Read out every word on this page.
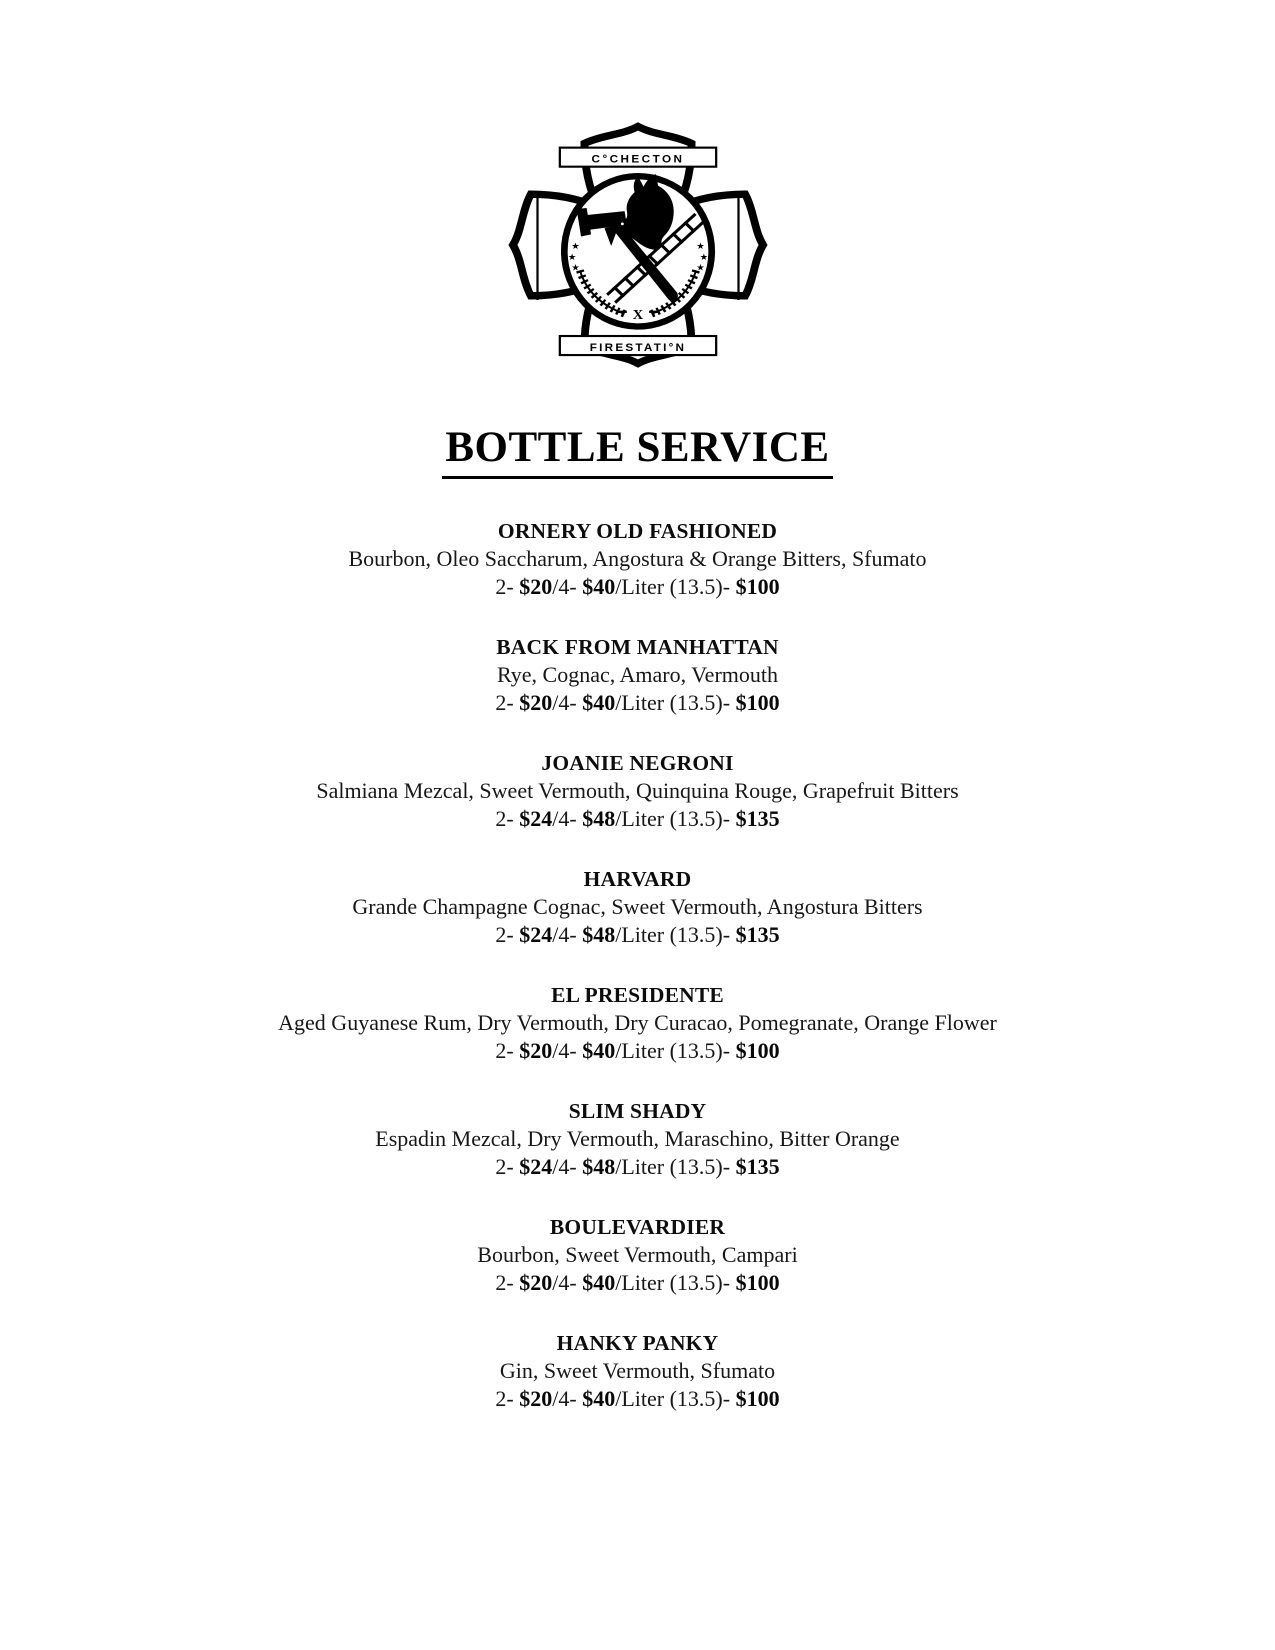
C°CHECTON
FIRESTATI°N
★
★
★
★
★
★
X
BOTTLE SERVICE
ORNERY OLD FASHIONED
Bourbon, Oleo Saccharum, Angostura & Orange Bitters, Sfumato
2- $20/4- $40/Liter (13.5)- $100
BACK FROM MANHATTAN
Rye, Cognac, Amaro, Vermouth
2- $20/4- $40/Liter (13.5)- $100
JOANIE NEGRONI
Salmiana Mezcal, Sweet Vermouth, Quinquina Rouge, Grapefruit Bitters
2- $24/4- $48/Liter (13.5)- $135
HARVARD
Grande Champagne Cognac, Sweet Vermouth, Angostura Bitters
2- $24/4- $48/Liter (13.5)- $135
EL PRESIDENTE
Aged Guyanese Rum, Dry Vermouth, Dry Curacao, Pomegranate, Orange Flower
2- $20/4- $40/Liter (13.5)- $100
SLIM SHADY
Espadin Mezcal, Dry Vermouth, Maraschino, Bitter Orange
2- $24/4- $48/Liter (13.5)- $135
BOULEVARDIER
Bourbon, Sweet Vermouth, Campari
2- $20/4- $40/Liter (13.5)- $100
HANKY PANKY
Gin, Sweet Vermouth, Sfumato
2- $20/4- $40/Liter (13.5)- $100
